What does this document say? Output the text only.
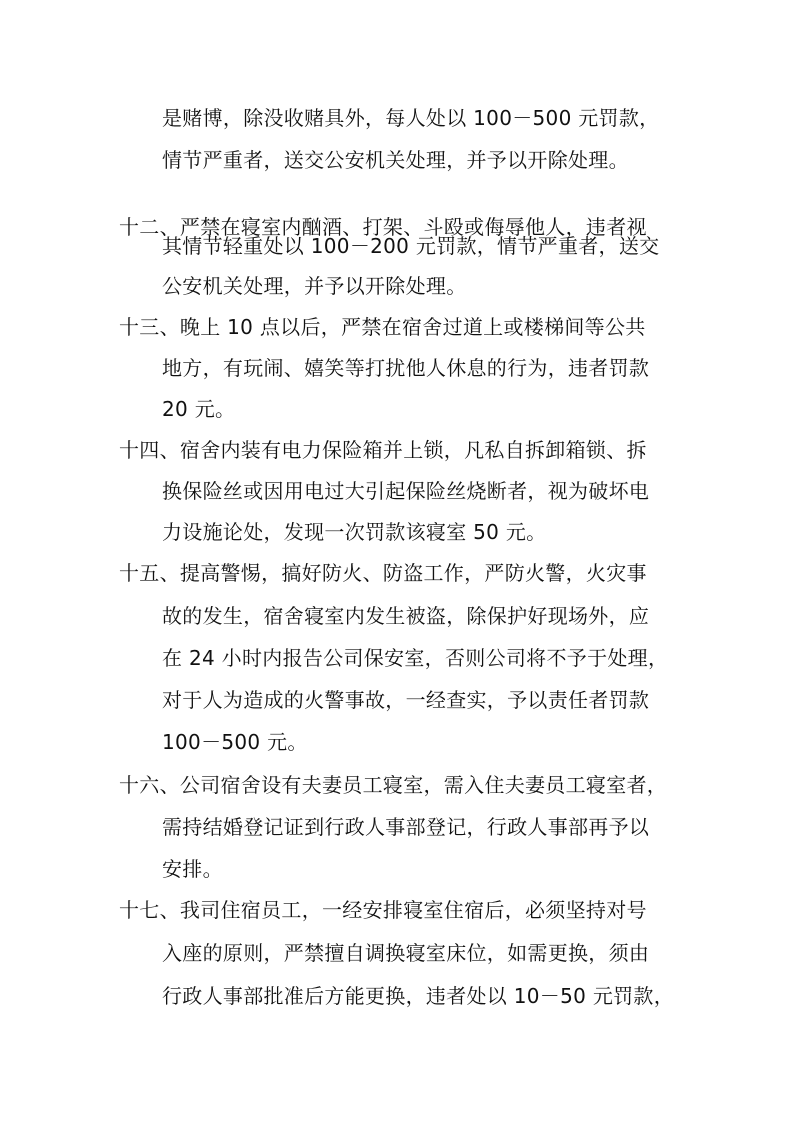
是赌博，除没收赌具外，每人处以 100－500 元罚款，
情节严重者，送交公安机关处理，并予以开除处理。
十二、严禁在寝室内酗酒、打架、斗殴或侮辱他人，违者视
其情节轻重处以 100－200 元罚款，情节严重者，送交
公安机关处理，并予以开除处理。
十三、晚上 10 点以后，严禁在宿舍过道上或楼梯间等公共
地方，有玩闹、嬉笑等打扰他人休息的行为，违者罚款
20 元。
十四、宿舍内装有电力保险箱并上锁，凡私自拆卸箱锁、拆
换保险丝或因用电过大引起保险丝烧断者，视为破坏电
力设施论处，发现一次罚款该寝室 50 元。
十五、提高警惕，搞好防火、防盗工作，严防火警，火灾事
故的发生，宿舍寝室内发生被盗，除保护好现场外，应
在 24 小时内报告公司保安室，否则公司将不予于处理，
对于人为造成的火警事故，一经查实，予以责任者罚款
100－500 元。
十六、公司宿舍设有夫妻员工寝室，需入住夫妻员工寝室者，
需持结婚登记证到行政人事部登记，行政人事部再予以
安排。
十七、我司住宿员工，一经安排寝室住宿后，必须坚持对号
入座的原则，严禁擅自调换寝室床位，如需更换，须由
行政人事部批准后方能更换，违者处以 10－50 元罚款，
